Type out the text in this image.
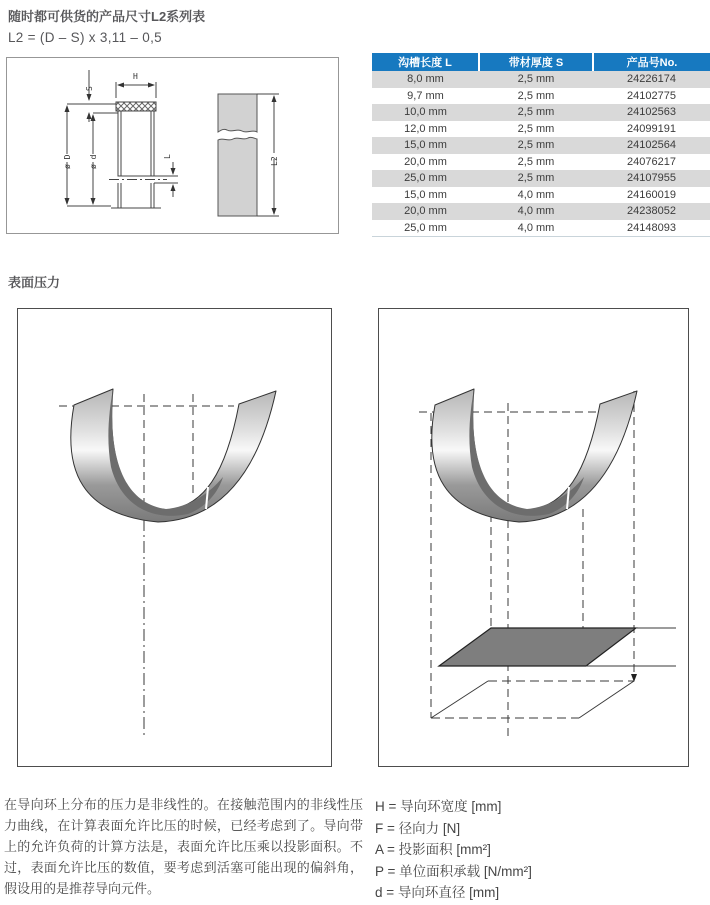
随时都可供货的产品尺寸L2系列表
L2 = (D – S) x 3,11 – 0,5
H
S
ø D ø d	L	L2
沟槽长度 L	带材厚度 S	产品号No.
8,0 mm	2,5 mm	24226174
9,7 mm	2,5 mm	24102775
10,0 mm	2,5 mm	24102563
12,0 mm	2,5 mm	24099191
15,0 mm	2,5 mm	24102564
20,0 mm	2,5 mm	24076217
25,0 mm	2,5 mm	24107955
15,0 mm	4,0 mm	24160019
20,0 mm	4,0 mm	24238052
25,0 mm	4,0 mm	24148093
表面压力
在导向环上分布的压力是非线性的。在接触范围内的非线性压力曲线，在计算表面允许比压的时候，已经考虑到了。导向带上的允许负荷的计算方法是，表面允许比压乘以投影面积。不过，表面允许比压的数值，要考虑到活塞可能出现的偏斜角，假设用的是推荐导向元件。
H = 导向环宽度 [mm]
F = 径向力 [N]
A = 投影面积 [mm²]
P = 单位面积承载 [N/mm²]
d = 导向环直径 [mm]
